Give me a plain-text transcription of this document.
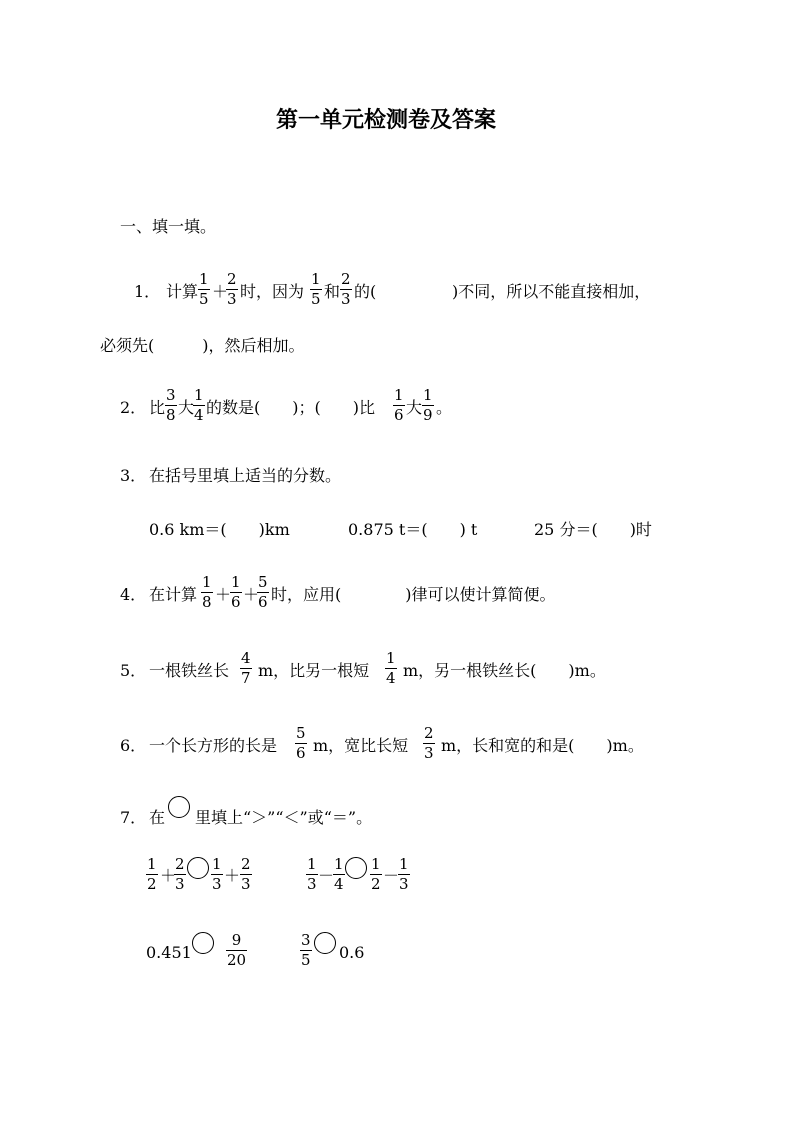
第一单元检测卷及答案
一、填一填。
1． 计算
1
5 ＋
2
3 时，因为
1
5 和
2
3 的(	)不同，所以不能直接相加，
必须先(　　　)，然后相加。
2． 比
3
8 大
1
4 的数是(　　)；(　　)比
1
6 大
1
9 。
3． 在括号里填上适当的分数。
0.6 km＝(　　)km	0.875 t＝(　　) t	25 分＝(　　)时
4． 在计算
1
8 ＋
1
6 ＋
5
6 时，应用(　　　　)律可以使计算简便。
5． 一根铁丝长
4
7 m，比另一根短
1
4 m，另一根铁丝长(　　)m。
6． 一个长方形的长是
5
6 m，宽比长短
2
3 m，长和宽的和是(　　)m。
7． 在 里填上“＞”“＜”或“＝”。
1
2 ＋
2
3
1
3 ＋
2
3
1
3 －
1
4
1
2 －
1
3
0.451
9
20
3
5 0.6
